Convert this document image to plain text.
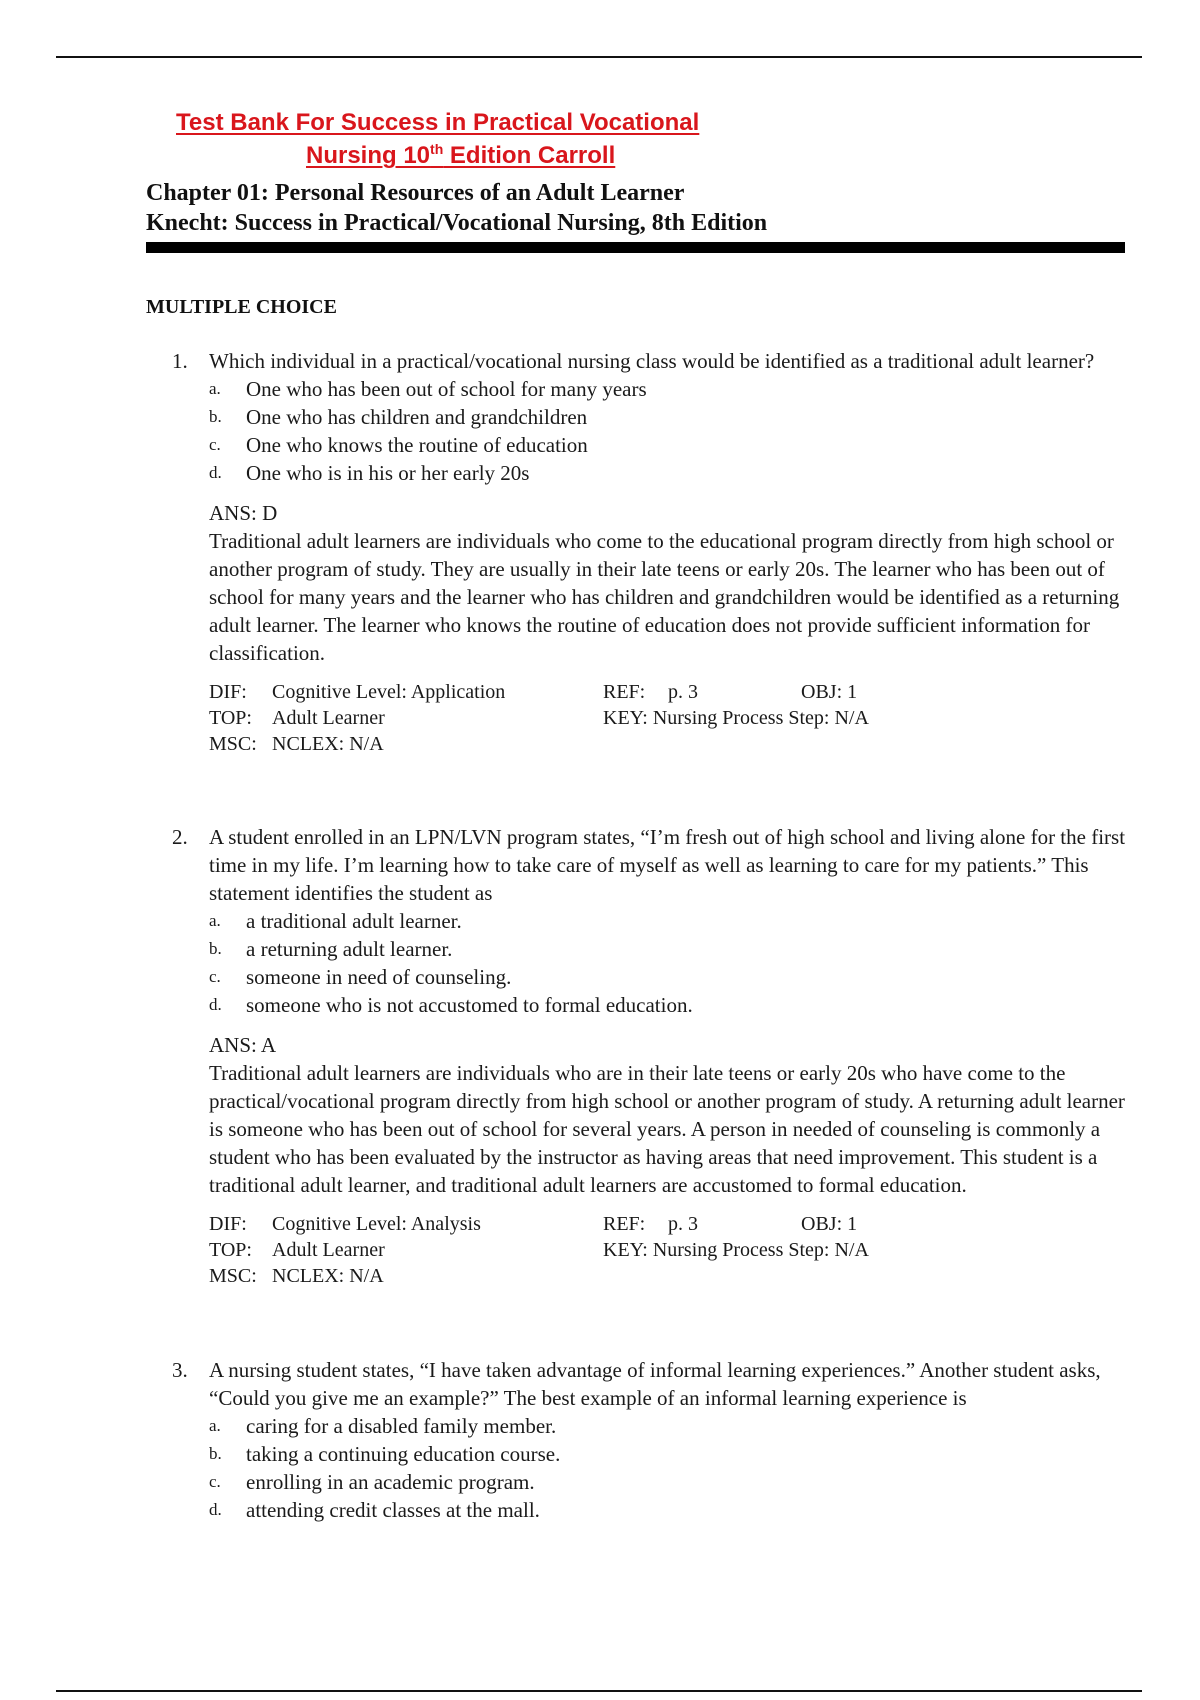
Test Bank For Success in Practical Vocational
Nursing 10th Edition Carroll
Chapter 01: Personal Resources of an Adult Learner
Knecht: Success in Practical/Vocational Nursing, 8th Edition
MULTIPLE CHOICE
1. Which individual in a practical/vocational nursing class would be identified as a traditional adult learner?
a. One who has been out of school for many years
b. One who has children and grandchildren
c. One who knows the routine of education
d. One who is in his or her early 20s
ANS: D
Traditional adult learners are individuals who come to the educational program directly from high school or another program of study. They are usually in their late teens or early 20s. The learner who has been out of school for many years and the learner who has children and grandchildren would be identified as a returning adult learner. The learner who knows the routine of education does not provide sufficient information for classification.
DIF: Cognitive Level: Application	REF: p. 3	OBJ: 1
TOP: Adult Learner	KEY: Nursing Process Step: N/A
MSC: NCLEX: N/A
2. A student enrolled in an LPN/LVN program states, “I’m fresh out of high school and living alone for the first time in my life. I’m learning how to take care of myself as well as learning to care for my patients.” This statement identifies the student as
a. a traditional adult learner.
b. a returning adult learner.
c. someone in need of counseling.
d. someone who is not accustomed to formal education.
ANS: A
Traditional adult learners are individuals who are in their late teens or early 20s who have come to the practical/vocational program directly from high school or another program of study. A returning adult learner is someone who has been out of school for several years. A person in needed of counseling is commonly a student who has been evaluated by the instructor as having areas that need improvement. This student is a traditional adult learner, and traditional adult learners are accustomed to formal education.
DIF: Cognitive Level: Analysis	REF: p. 3	OBJ: 1
TOP: Adult Learner	KEY: Nursing Process Step: N/A
MSC: NCLEX: N/A
3. A nursing student states, “I have taken advantage of informal learning experiences.” Another student asks, “Could you give me an example?” The best example of an informal learning experience is
a. caring for a disabled family member.
b. taking a continuing education course.
c. enrolling in an academic program.
d. attending credit classes at the mall.
